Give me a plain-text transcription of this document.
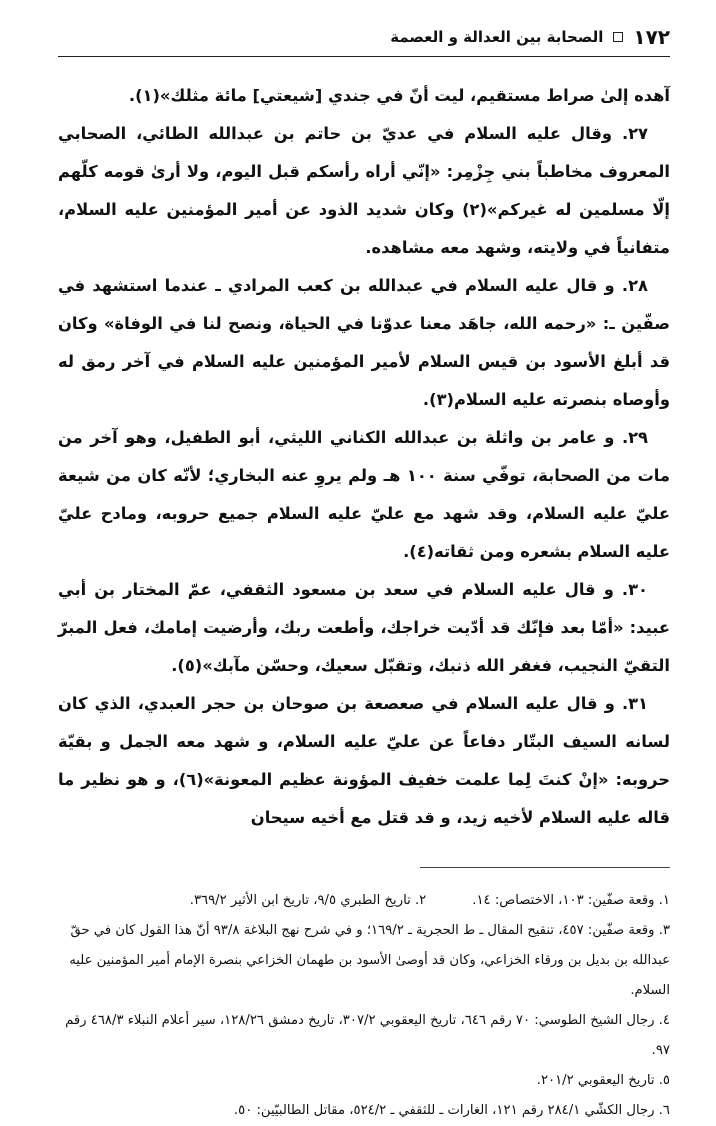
١٧٢
الصحابة بين العدالة و العصمة

آهده إلىٰ صراط مستقيم، ليت أنّ في جندي [شيعتي] مائة مثلك»(١).

٢٧. وقال عليه السلام في عديّ بن حاتم بن عبدالله الطائي، الصحابي المعروف مخاطباً بني جِزْمِر: «إنّي أراه رأسكم قبل اليوم، ولا أرىٰ قومه كلّهم إلّا مسلمين له غيركم»(٢) وكان شديد الذود عن أمير المؤمنين عليه السلام، متفانياً في ولايته، وشهد معه مشاهده.

٢٨. و قال عليه السلام في عبدالله بن كعب المرادي ـ عندما استشهد في صفّين ـ: «رحمه الله، جاهَد معنا عدوّنا في الحياة، ونصح لنا في الوفاة» وكان قد أبلغ الأسود بن قيس السلام لأمير المؤمنين عليه السلام في آخر رمق له وأوصاه بنصرته عليه السلام(٣).

٢٩. و عامر بن واثلة بن عبدالله الكناني الليثي، أبو الطفيل، وهو آخر من مات من الصحابة، توفّي سنة ١٠٠ هـ ولم يروِ عنه البخاري؛ لأنّه كان من شيعة عليّ عليه السلام، وقد شهد مع عليّ عليه السلام جميع حروبه، ومادح عليّ عليه السلام بشعره ومن ثقاته(٤).

٣٠. و قال عليه السلام في سعد بن مسعود الثقفي، عمّ المختار بن أبي عبيد: «أمّا بعد فإنّك قد أدّيت خراجك، وأطعت ربك، وأرضيت إمامك، فعل المبرّ التقيّ النجيب، فغفر الله ذنبك، وتقبّل سعيك، وحسّن مآبك»(٥).

٣١. و قال عليه السلام في صعصعة بن صوحان بن حجر العبدي، الذي كان لسانه السيف البتّار دفاعاً عن عليّ عليه السلام، و شهد معه الجمل و بقيّة حروبه: «إنْ كنتَ لِما علمت خفيف المؤونة عظيم المعونة»(٦)، و هو نظير ما قاله عليه السلام لأخيه زيد، و قد قتل مع أخيه سيحان

١. وقعة صفّين: ١٠٣، الاختصاص: ١٤.
٢. تاريخ الطبري ٩/٥، تاريخ ابن الأثير ٣٦٩/٢.

٣. وقعة صفّين: ٤٥٧، تنقيح المقال ـ ط الحجرية ـ ١٦٩/٢؛ و في شرح نهج البلاغة ٩٣/٨ أنّ هذا القول كان في حقّ عبدالله بن بديل بن ورقاء الخزاعي، وكان قد أوصىٰ الأسود بن طهمان الخزاعي بنصرة الإمام أمير المؤمنين عليه السلام.

٤. رجال الشيخ الطوسي: ٧٠ رقم ٦٤٦، تاريخ اليعقوبي ٣٠٧/٢، تاريخ دمشق ١٢٨/٢٦، سير أعلام النبلاء ٤٦٨/٣ رقم ٩٧.

٥. تاريخ اليعقوبي ٢٠١/٢.

٦. رجال الكشّي ٢٨٤/١ رقم ١٢١، الغارات ـ للثقفي ـ ٥٢٤/٢، مقاتل الطالبيّين: ٥٠.
